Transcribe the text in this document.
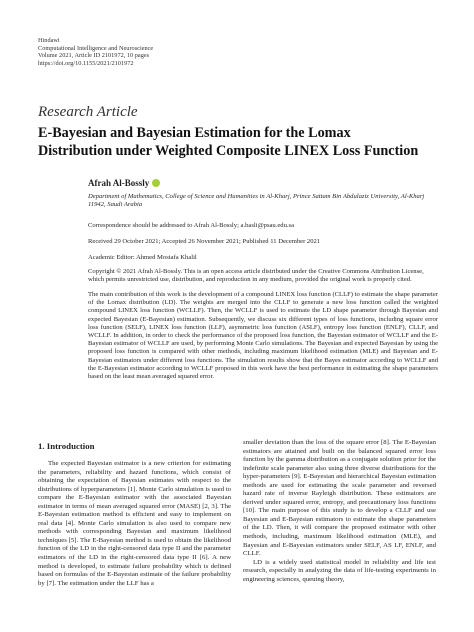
Hindawi
Computational Intelligence and Neuroscience
Volume 2021, Article ID 2101972, 10 pages
https://doi.org/10.1155/2021/2101972
Research Article
E-Bayesian and Bayesian Estimation for the Lomax
Distribution under Weighted Composite LINEX Loss Function
Afrah Al-Bossly
Department of Mathematics, College of Science and Humanities in Al-Kharj, Prince Sattam Bin Abdulaziz University, Al-Kharj 11942, Saudi Arabia
Correspondence should be addressed to Afrah Al-Bossly; a.basli@psau.edu.sa
Received 29 October 2021; Accepted 26 November 2021; Published 11 December 2021
Academic Editor: Ahmed Mostafa Khalil
Copyright © 2021 Afrah Al-Bossly. This is an open access article distributed under the Creative Commons Attribution License, which permits unrestricted use, distribution, and reproduction in any medium, provided the original work is properly cited.
The main contribution of this work is the development of a compound LINEX loss function (CLLF) to estimate the shape parameter of the Lomax distribution (LD). The weights are merged into the CLLF to generate a new loss function called the weighted compound LINEX loss function (WCLLF). Then, the WCLLF is used to estimate the LD shape parameter through Bayesian and expected Bayesian (E-Bayesian) estimation. Subsequently, we discuss six different types of loss functions, including square error loss function (SELF), LINEX loss function (LLF), asymmetric loss function (ASLF), entropy loss function (ENLF), CLLF, and WCLLF. In addition, in order to check the performance of the proposed loss function, the Bayesian estimator of WCLLF and the E-Bayesian estimator of WCLLF are used, by performing Monte Carlo simulations. The Bayesian and expected Bayesian by using the proposed loss function is compared with other methods, including maximum likelihood estimation (MLE) and Bayesian and E-Bayesian estimators under different loss functions. The simulation results show that the Bayes estimator according to WCLLF and the E-Bayesian estimator according to WCLLF proposed in this work have the best performance in estimating the shape parameters based on the least mean averaged squared error.
1. Introduction

The expected Bayesian estimator is a new criterion for estimating the parameters, reliability and hazard functions, which consist of obtaining the expectation of Bayesian estimates with respect to the distributions of hyperparameters [1]. Monte Carlo simulation is used to compare the E-Bayesian estimator with the associated Bayesian estimator in terms of mean averaged squared error (MASE) [2, 3]. The E-Bayesian estimation method is efficient and easy to implement on real data [4]. Monte Carlo simulation is also used to compare new methods with corresponding Bayesian and maximum likelihood techniques [5]. The E-Bayesian method is used to obtain the likelihood function of the LD in the right-censored data type II and the parameter estimators of the LD in the right-censored data type II [6]. A new method is developed, to estimate failure probability which is defined based on formulas of the E-Bayesian estimate of the failure probability by [7]. The estimation under the LLF has a

smaller deviation than the loss of the square error [8]. The E-Bayesian estimators are attained and built on the balanced squared error loss function by the gamma distribution as a conjugate solution prior for the indefinite scale parameter also using three diverse distributions for the hyper-parameters [9]. E-Bayesian and hierarchical Bayesian estimation methods are used for estimating the scale parameter and reversed hazard rate of inverse Rayleigh distribution. These estimators are derived under squared error, entropy, and precautionary loss functions [10]. The main purpose of this study is to develop a CLLF and use Bayesian and E-Bayesian estimators to estimate the shape parameters of the LD. Then, it will compare the proposed estimator with other methods, including, maximum likelihood estimation (MLE), and Bayesian and E-Bayesian estimators under SELF, AS LF, ENLF, and CLLF.

LD is a widely used statistical model in reliability and life test research, especially in analyzing the data of life-testing experiments in engineering sciences, queuing theory,
